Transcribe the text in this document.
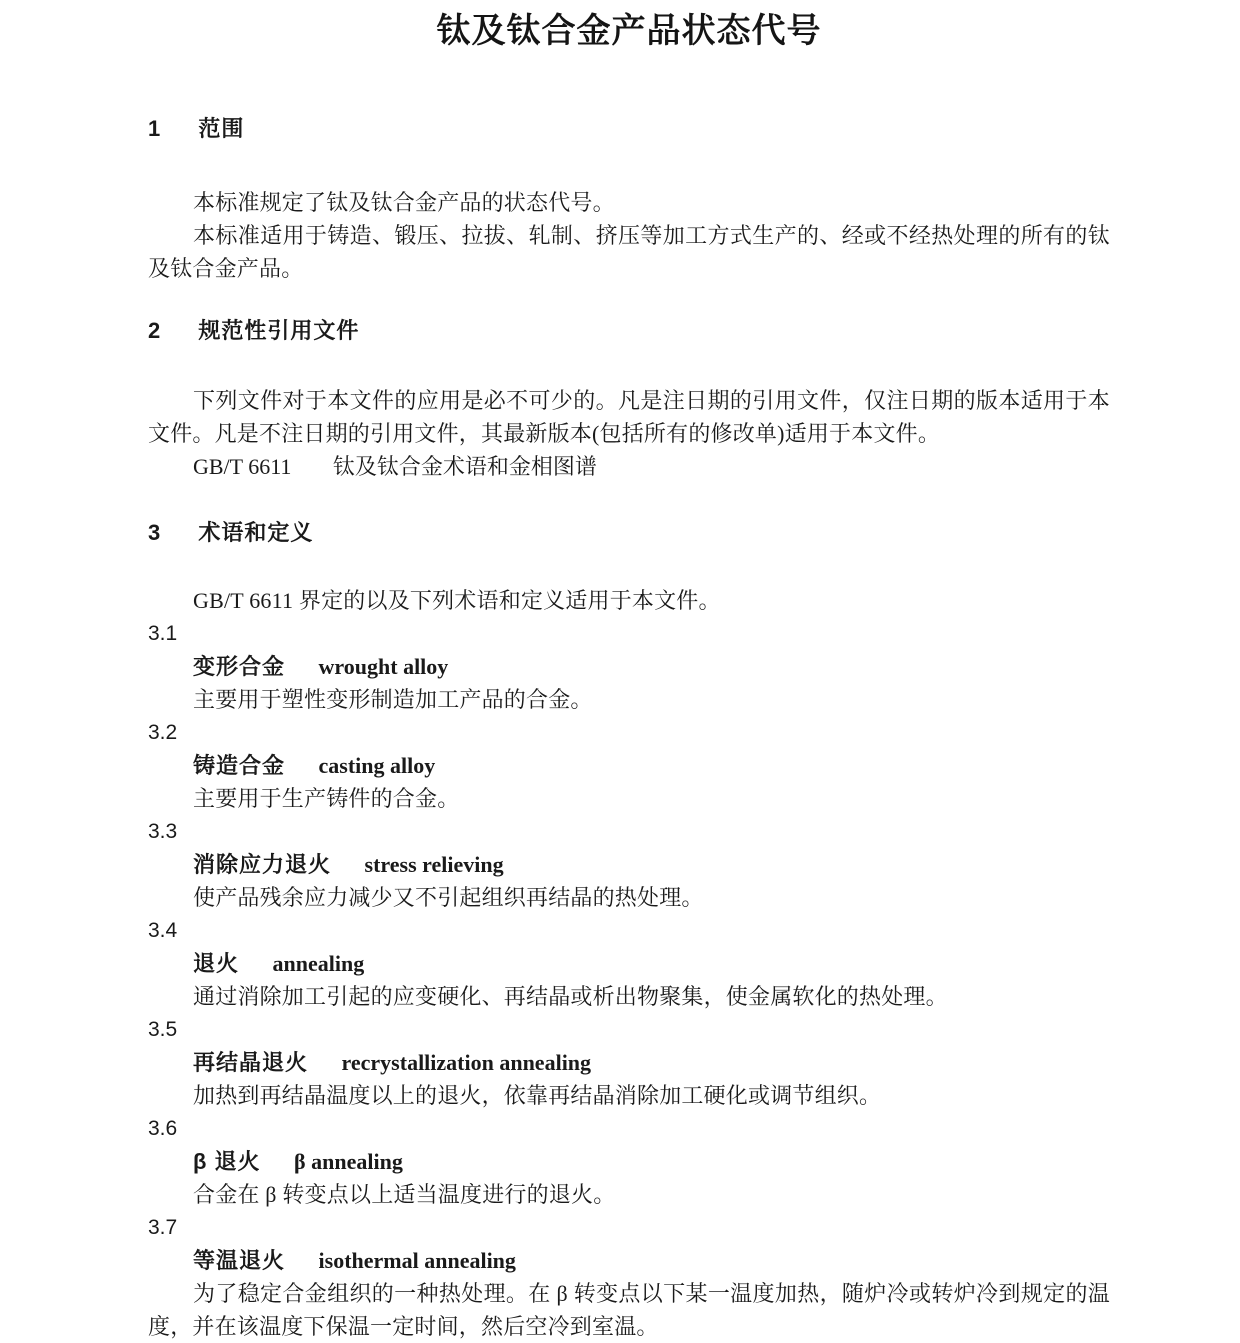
钛及钛合金产品状态代号
1 范围

本标准规定了钛及钛合金产品的状态代号。

本标准适用于铸造、锻压、拉拔、轧制、挤压等加工方式生产的、经或不经热处理的所有的钛及钛合金产品。

2 规范性引用文件

下列文件对于本文件的应用是必不可少的。凡是注日期的引用文件，仅注日期的版本适用于本文件。凡是不注日期的引用文件，其最新版本(包括所有的修改单)适用于本文件。

GB/T 6611 钛及钛合金术语和金相图谱
3 术语和定义

GB/T 6611 界定的以及下列术语和定义适用于本文件。

3.1
变形合金 wrought alloy

主要用于塑性变形制造加工产品的合金。

3.2
铸造合金 casting alloy

主要用于生产铸件的合金。

3.3
消除应力退火 stress relieving

使产品残余应力减少又不引起组织再结晶的热处理。

3.4
退火 annealing

通过消除加工引起的应变硬化、再结晶或析出物聚集，使金属软化的热处理。

3.5
再结晶退火 recrystallization annealing

加热到再结晶温度以上的退火，依靠再结晶消除加工硬化或调节组织。

3.6
β 退火 β annealing

合金在 β 转变点以上适当温度进行的退火。

3.7
等温退火 isothermal annealing

为了稳定合金组织的一种热处理。在 β 转变点以下某一温度加热，随炉冷或转炉冷到规定的温度，并在该温度下保温一定时间，然后空冷到室温。
